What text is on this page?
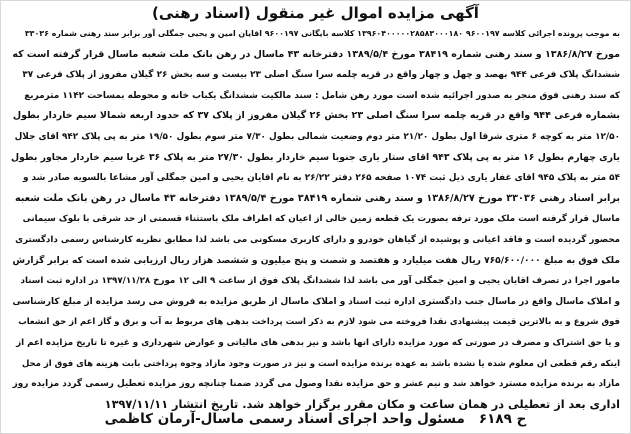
آگهی مزایده اموال غیر منقول (اسناد رهنی)
به موجب پرونده اجرائی کلاسه ۹۶۰۰۱۹۷ ۱۳۹۶۰۴۰۰۰۰۰۲۸۵۸۳۰۰۰۱۸۰ کلاسه بایگانی ۹۶۰۰۱۹۷ اقایان امین و یحیی جمگلی آور برابر سند رهنی شماره ۳۳۰۳۶
مورخ ۱۳۸۶/۸/۲۷ و سند رهنی شماره ۳۸۴۱۹ مورخ ۱۳۸۹/۵/۴ دفترخانه ۴۳ ماسال در رهن بانک ملت شعبه ماسال قرار گرفته است که
ششدانگ پلاک فرعی ۹۴۴ بهصد و چهل و چهار واقع در قریه چلمه سرا سنگ اصلی ۲۳ بیست و سه بخش ۲۶ گیلان مفروز از پلاک فرعی ۳۷
که سند رهنی فوق منجر به صدور اجرائیه شده است مورد رهن شامل : سند مالکیت ششدانگ یکباب خانه و محوطه بمساحت ۱۱۴۲ مترمربع
بشماره فرعی ۹۴۴ واقع در قریه چلمه سرا سنگ اصلی ۲۳ بخش ۲۶ گیلان مفروز از پلاک ۳۷ که حدود اربعه شمالا سیم خاردار بطول
۱۲/۵۰ متر به کوچه ۶ متری شرقا اول بطول ۲۱/۲۰ متر دوم وضعیت شمالی بطول ۷/۳۰ متر سوم بطول ۱۹/۵۰ متر به پی پلاک ۹۴۲ اقای جلال
یاری چهارم بطول ۱۶ متر به پی پلاک ۹۴۳ اقای ستار یاری جنوبا سیم خاردار بطول ۲۷/۳۰ متر به پلاک ۳۶ غربا سیم خاردار مجاور بطول
۵۴ متر به پلاک ۹۴۵ اقای غفار یاری ذیل ثبت ۱۰۷۴ صفحه ۲۶۵ دفتر ۲۶/۲۲ به نام اقایان یحیی و امین جمگلی آور مشاعا بالسویه صادر شد و
برابر اسناد رهنی ۳۳۰۳۶ مورخ ۱۳۸۶/۸/۲۷ و سند رهنی شماره ۳۸۴۱۹ مورخ ۱۳۸۹/۵/۴ دفترخانه ۴۳ ماسال در رهن بانک ملت شعبه
ماسال قرار گرفته است ملک مورد ترفه بصورت یک قطعه زمین خالی از اعیان که اطراف ملک باستثناء قسمتی از حد شرقی با بلوک سیمانی
محصور گردیده است و فاقد اعیانی و پوشیده از گیاهان خودرو و دارای کاربری مسکونی می باشد لذا مطابق نظریه کارشناس رسمی دادگستری
ملک فوق به مبلغ ۷۶۵/۶۰۰/۰۰۰ ریال هفت میلیارد و هفتصد و شصت و پنج میلیون و ششصد هزار ریال ارزیابی شده است که برابر گزارش
مامور اجرا در تصرف اقایان یحیی و امین جمگلی آور می باشد لذا ششدانگ پلاک فوق از ساعت ۹ الی ۱۲ مورخ ۱۳۹۷/۱۱/۲۸ در اداره ثبت اسناد
و املاک ماسال واقع در ماسال جنب دادگستری اداره ثبت اسناد و املاک ماسال از طریق مزایده به فروش می رسد مزایده از مبلغ کارشناسی
فوق شروع و به بالاترین قیمت پیشنهادی نقدا فروخته می شود لازم به ذکر است پرداخت بدهی های مربوط به آب و برق و گاز اعم از حق انشعاب
و یا حق اشتراک و مصرف در صورتی که مورد مزایده دارای انها باشد و نیز بدهی های مالیاتی و عوارض شهرداری و غیره تا تاریخ مزایده اعم از
اینکه رقم قطعی ان معلوم شده یا نشده باشد به عهده برنده مزایده است و نیز در صورت وجود مازاد وجوه پرداختی بابت هزینه های فوق از محل
مازاد به برنده مزایده مسترد خواهد شد و نیم عشر و حق مزایده نقدا وصول می گردد ضمنا چنانچه روز مزایده تعطیل رسمی گردد مزایده روز
اداری بعد از تعطیلی در همان ساعت و مکان مقرر برگزار خواهد شد. تاریخ انتشار ۱۳۹۷/۱۱/۱۱
ح ۶۱۸۹
مسئول واحد اجرای اسناد رسمی ماسال-آرمان کاظمی
